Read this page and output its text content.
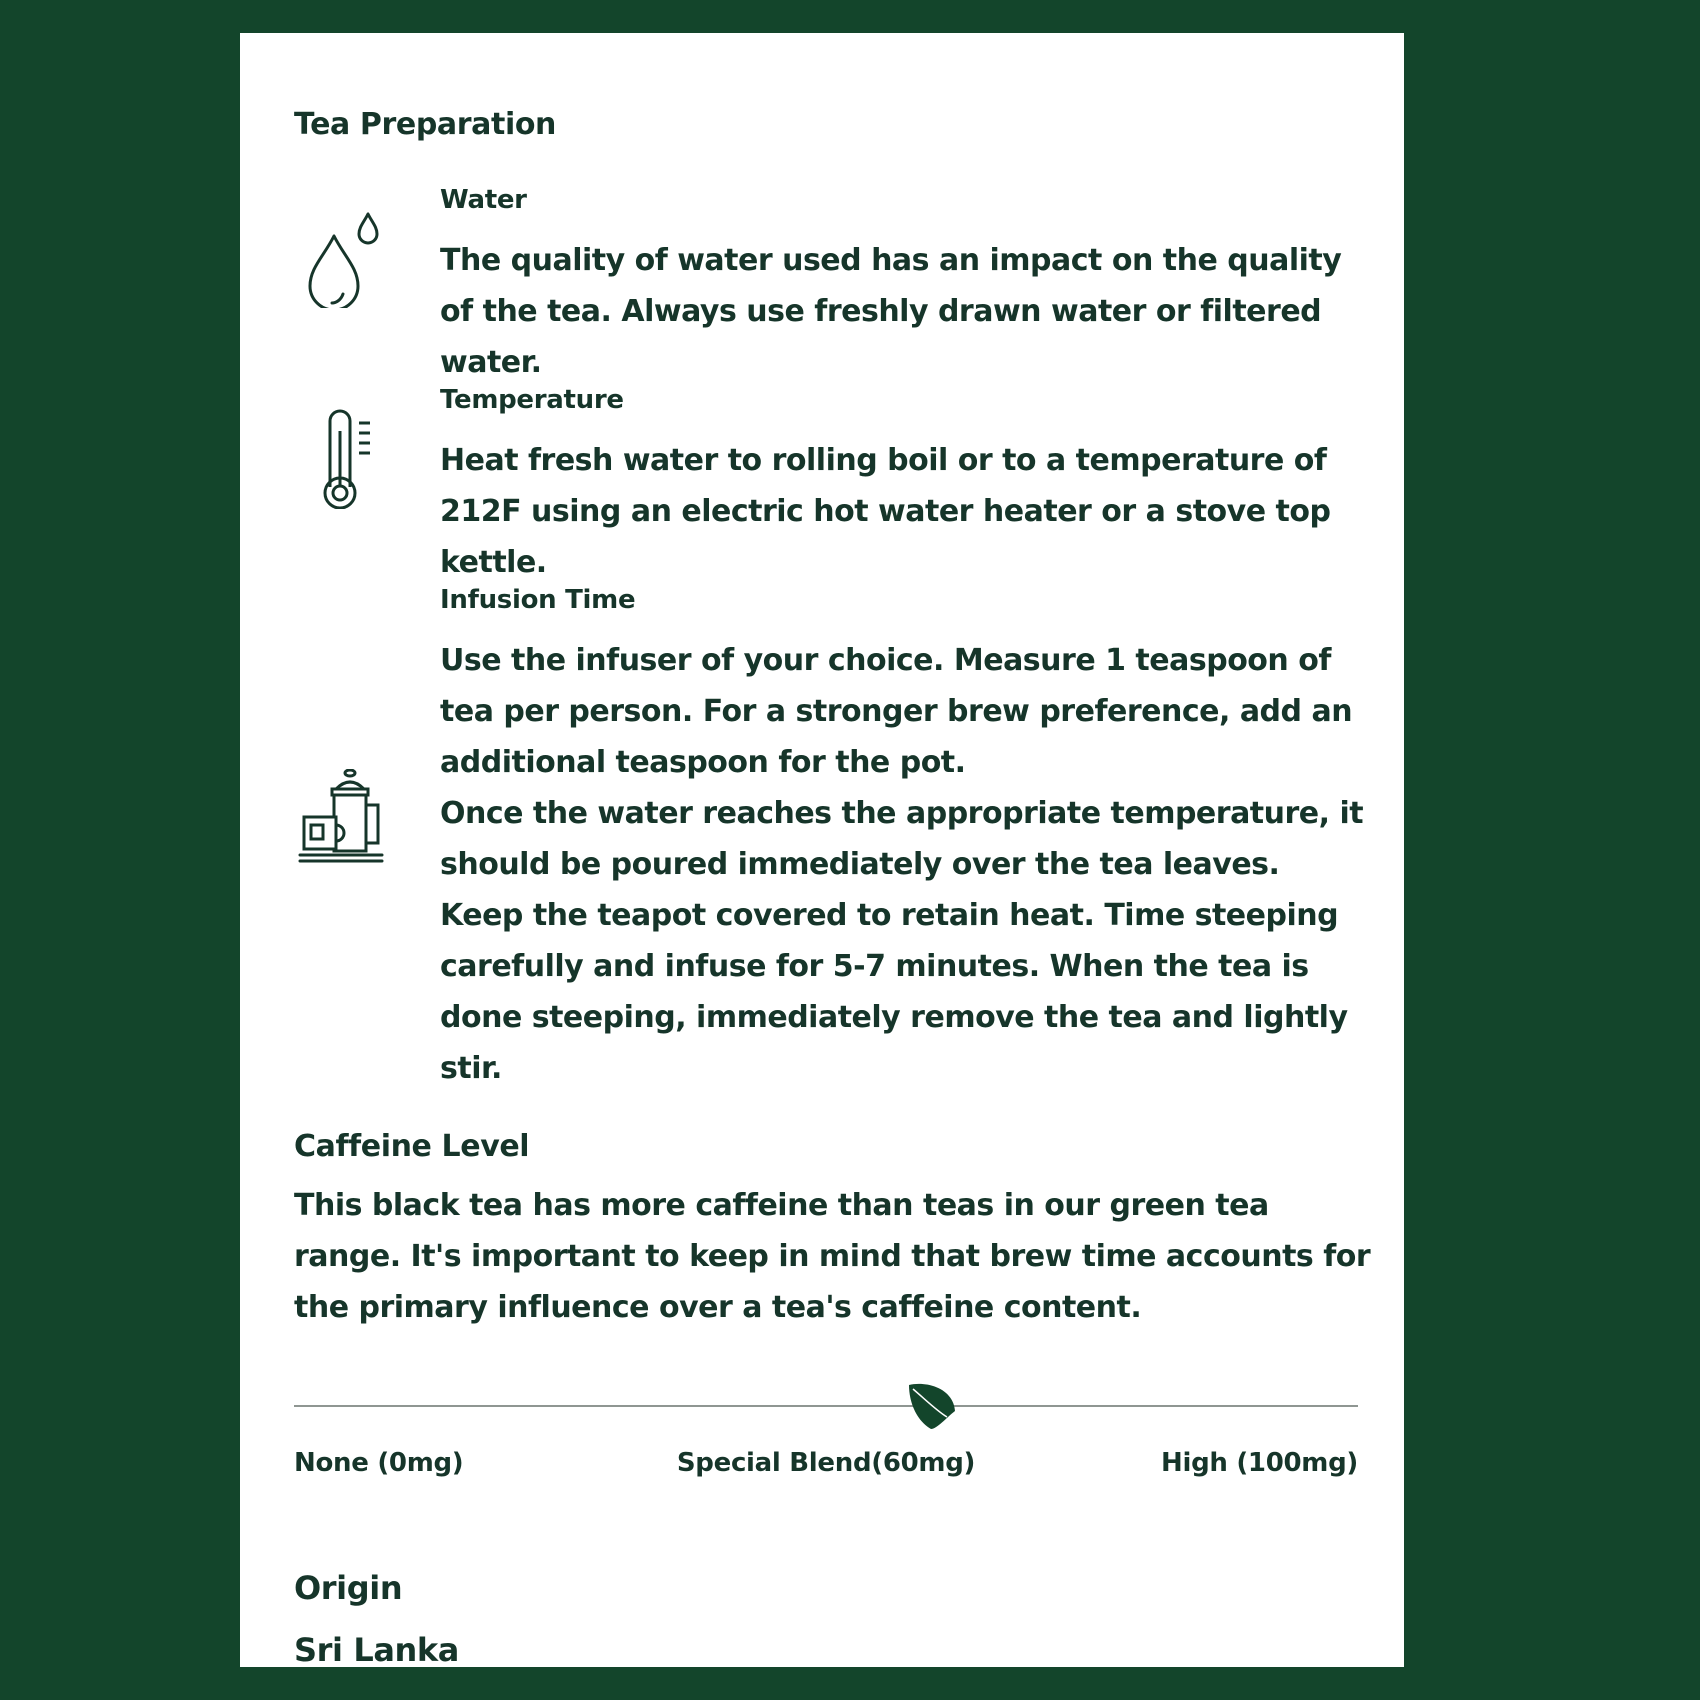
Tea Preparation

Water

The quality of water used has an impact on the quality of the tea. Always use freshly drawn water or filtered water.

Temperature

Heat fresh water to rolling boil or to a temperature of 212F using an electric hot water heater or a stove top kettle.

Infusion Time

Use the infuser of your choice. Measure 1 teaspoon of tea per person. For a stronger brew preference, add an additional teaspoon for the pot.
Once the water reaches the appropriate temperature, it should be poured immediately over the tea leaves. Keep the teapot covered to retain heat. Time steeping carefully and infuse for 5-7 minutes. When the tea is done steeping, immediately remove the tea and lightly stir.

Caffeine Level

This black tea has more caffeine than teas in our green tea range. It's important to keep in mind that brew time accounts for the primary influence over a tea's caffeine content.

None (0mg)	Special Blend(60mg)	High (100mg)
Origin

Sri Lanka
